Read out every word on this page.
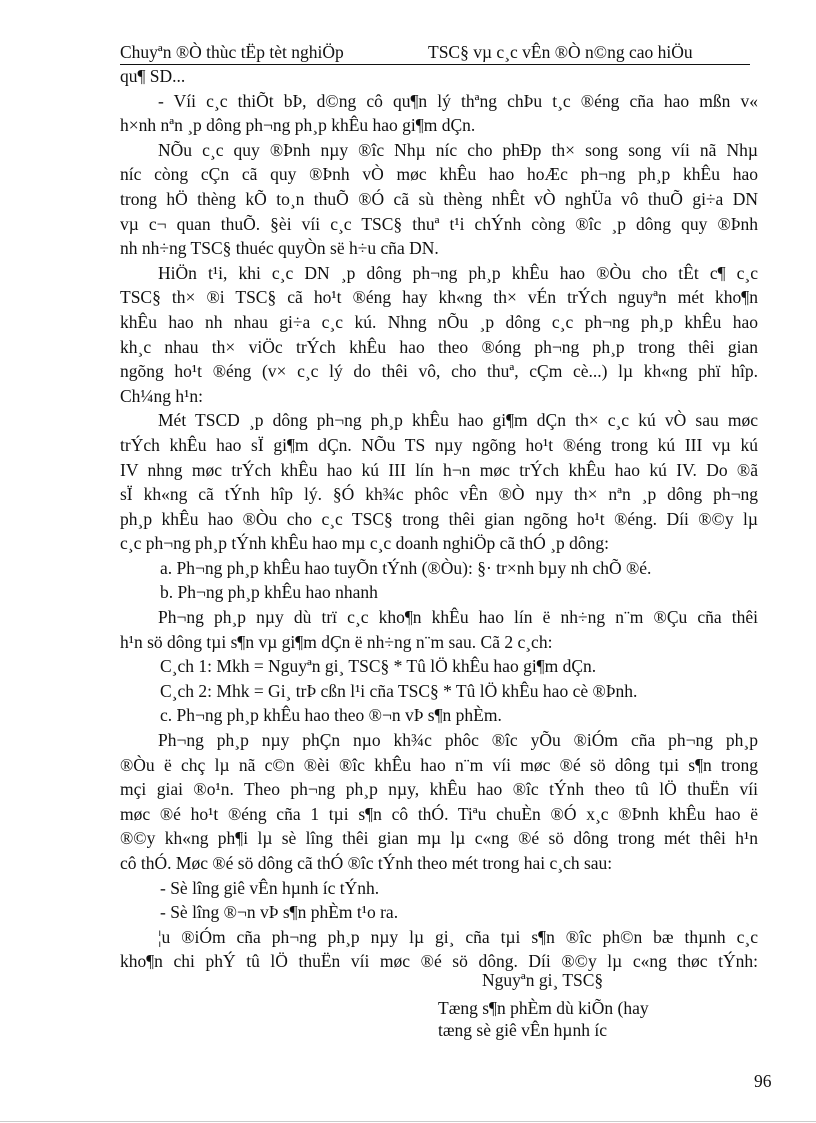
Chuyªn ®Ò thùc tËp tèt nghiÖp	TSC§ vµ c¸c vÊn ®Ò n©ng cao hiÖu
qu¶ SD...
- Víi c¸c thiÕt bÞ, d©ng cô qu¶n lý thªng chÞu t¸c ®éng cña hao mßn v«
h×nh nªn ¸p dông ph¬ng ph¸p khÊu hao gi¶m dÇn.
NÕu c¸c quy ®Þnh nµy ®îc Nhµ níc cho phÐp th× song song víi nã Nhµ
níc còng cÇn cã quy ®Þnh vÒ møc khÊu hao hoÆc ph¬ng ph¸p khÊu hao
trong hÖ thèng kÕ to¸n thuÕ ®Ó cã sù thèng nhÊt vÒ nghÜa vô thuÕ gi÷a DN
vµ c¬ quan thuÕ. §èi víi c¸c TSC§ thuª t¹i chÝnh còng ®îc ¸p dông quy ®Þnh
nh nh÷ng TSC§ thuéc quyÒn së h÷u cña DN.
HiÖn t¹i, khi c¸c DN ¸p dông ph¬ng ph¸p khÊu hao ®Òu cho tÊt c¶ c¸c
TSC§ th× ®i TSC§ cã ho¹t ®éng hay kh«ng th× vÉn trÝch nguyªn mét kho¶n
khÊu hao nh nhau gi÷a c¸c kú. Nhng nÕu ¸p dông c¸c ph¬ng ph¸p khÊu hao
kh¸c nhau th× viÖc trÝch khÊu hao theo ®óng ph¬ng ph¸p trong thêi gian
ngõng ho¹t ®éng (v× c¸c lý do thêi vô, cho thuª, cÇm cè...) lµ kh«ng phï hîp.
Ch¼ng h¹n:
Mét TSCD ¸p dông ph¬ng ph¸p khÊu hao gi¶m dÇn th× c¸c kú vÒ sau møc
trÝch khÊu hao sÏ gi¶m dÇn. NÕu TS nµy ngõng ho¹t ®éng trong kú III vµ kú
IV nhng møc trÝch khÊu hao kú III lín h¬n møc trÝch khÊu hao kú IV. Do ®ã
sÏ kh«ng cã tÝnh hîp lý. §Ó kh¾c phôc vÊn ®Ò nµy th× nªn ¸p dông ph¬ng
ph¸p khÊu hao ®Òu cho c¸c TSC§ trong thêi gian ngõng ho¹t ®éng. Díi ®©y lµ
c¸c ph¬ng ph¸p tÝnh khÊu hao mµ c¸c doanh nghiÖp cã thÓ ¸p dông:
a. Ph¬ng ph¸p khÊu hao tuyÕn tÝnh (®Òu): §· tr×nh bµy nh chÕ ®é.
b. Ph¬ng ph¸p khÊu hao nhanh
Ph¬ng ph¸p nµy dù trï c¸c kho¶n khÊu hao lín ë nh÷ng n¨m ®Çu cña thêi
h¹n sö dông tµi s¶n vµ gi¶m dÇn ë nh÷ng n¨m sau. Cã 2 c¸ch:
C¸ch 1: Mkh = Nguyªn gi¸ TSC§ * Tû lÖ khÊu hao gi¶m dÇn.
C¸ch 2: Mhk = Gi¸ trÞ cßn l¹i cña TSC§ * Tû lÖ khÊu hao cè ®Þnh.
c. Ph¬ng ph¸p khÊu hao theo ®¬n vÞ s¶n phÈm.
Ph¬ng ph¸p nµy phÇn nµo kh¾c phôc ®îc yÕu ®iÓm cña ph¬ng ph¸p
®Òu ë chç lµ nã c©n ®èi ®îc khÊu hao n¨m víi møc ®é sö dông tµi s¶n trong
mçi giai ®o¹n. Theo ph¬ng ph¸p nµy, khÊu hao ®îc tÝnh theo tû lÖ thuËn víi
møc ®é ho¹t ®éng cña 1 tµi s¶n cô thÓ. Tiªu chuÈn ®Ó x¸c ®Þnh khÊu hao ë
®©y kh«ng ph¶i lµ sè lîng thêi gian mµ lµ c«ng ®é sö dông trong mét thêi h¹n
cô thÓ. Møc ®é sö dông cã thÓ ®îc tÝnh theo mét trong hai c¸ch sau:
- Sè lîng giê vÊn hµnh íc tÝnh.
- Sè lîng ®¬n vÞ s¶n phÈm t¹o ra.
¦u ®iÓm cña ph¬ng ph¸p nµy lµ gi¸ cña tµi s¶n ®îc ph©n bæ thµnh c¸c
kho¶n chi phÝ tû lÖ thuËn víi møc ®é sö dông. Díi ®©y lµ c«ng thøc tÝnh:
Nguyªn gi¸ TSC§
Tæng s¶n phÈm dù kiÕn (hay
tæng sè giê vÊn hµnh íc
96
